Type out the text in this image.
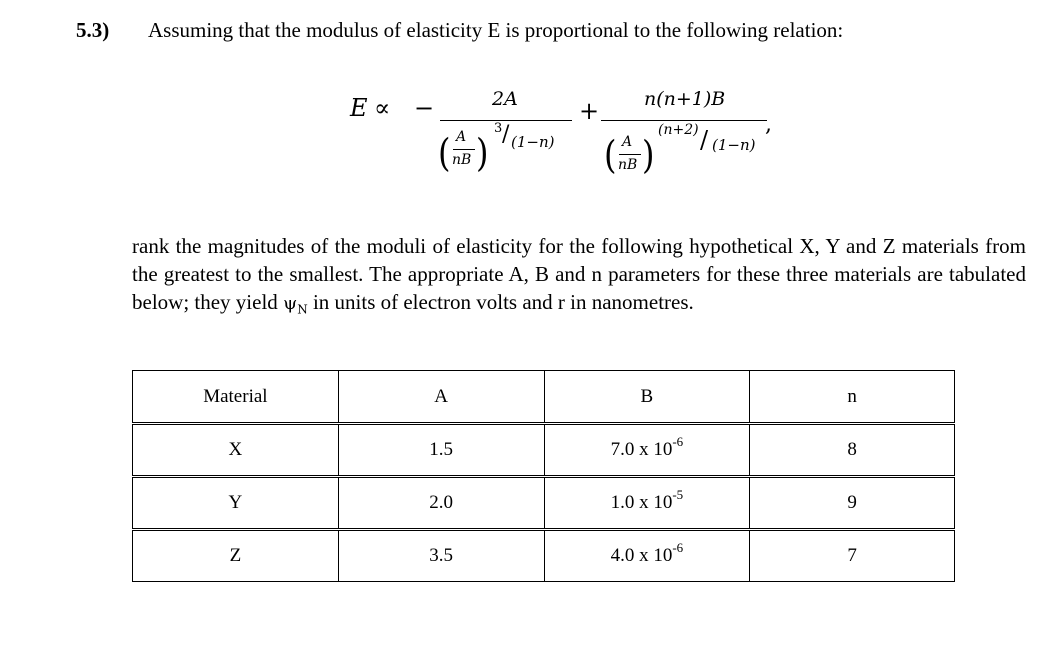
5.3) Assuming that the modulus of elasticity E is proportional to the following relation:
E ∝ −	2A
( A
nB )
3 / (1−n)
+ n(n+1)B
( A
nB )
(n+2) / (1−n)
,
rank the magnitudes of the moduli of elasticity for the following hypothetical X, Y and Z materials from the greatest to the smallest. The appropriate A, B and n parameters for these three materials are tabulated below; they yield $\psi_N$ in units of electron volts and r in nanometres.
Material	A	B	n
X	1.5	7.0 x $10^{-6}$	8
Y	2.0	1.0 x $10^{-5}$	9
Z	3.5	4.0 x $10^{-6}$	7
